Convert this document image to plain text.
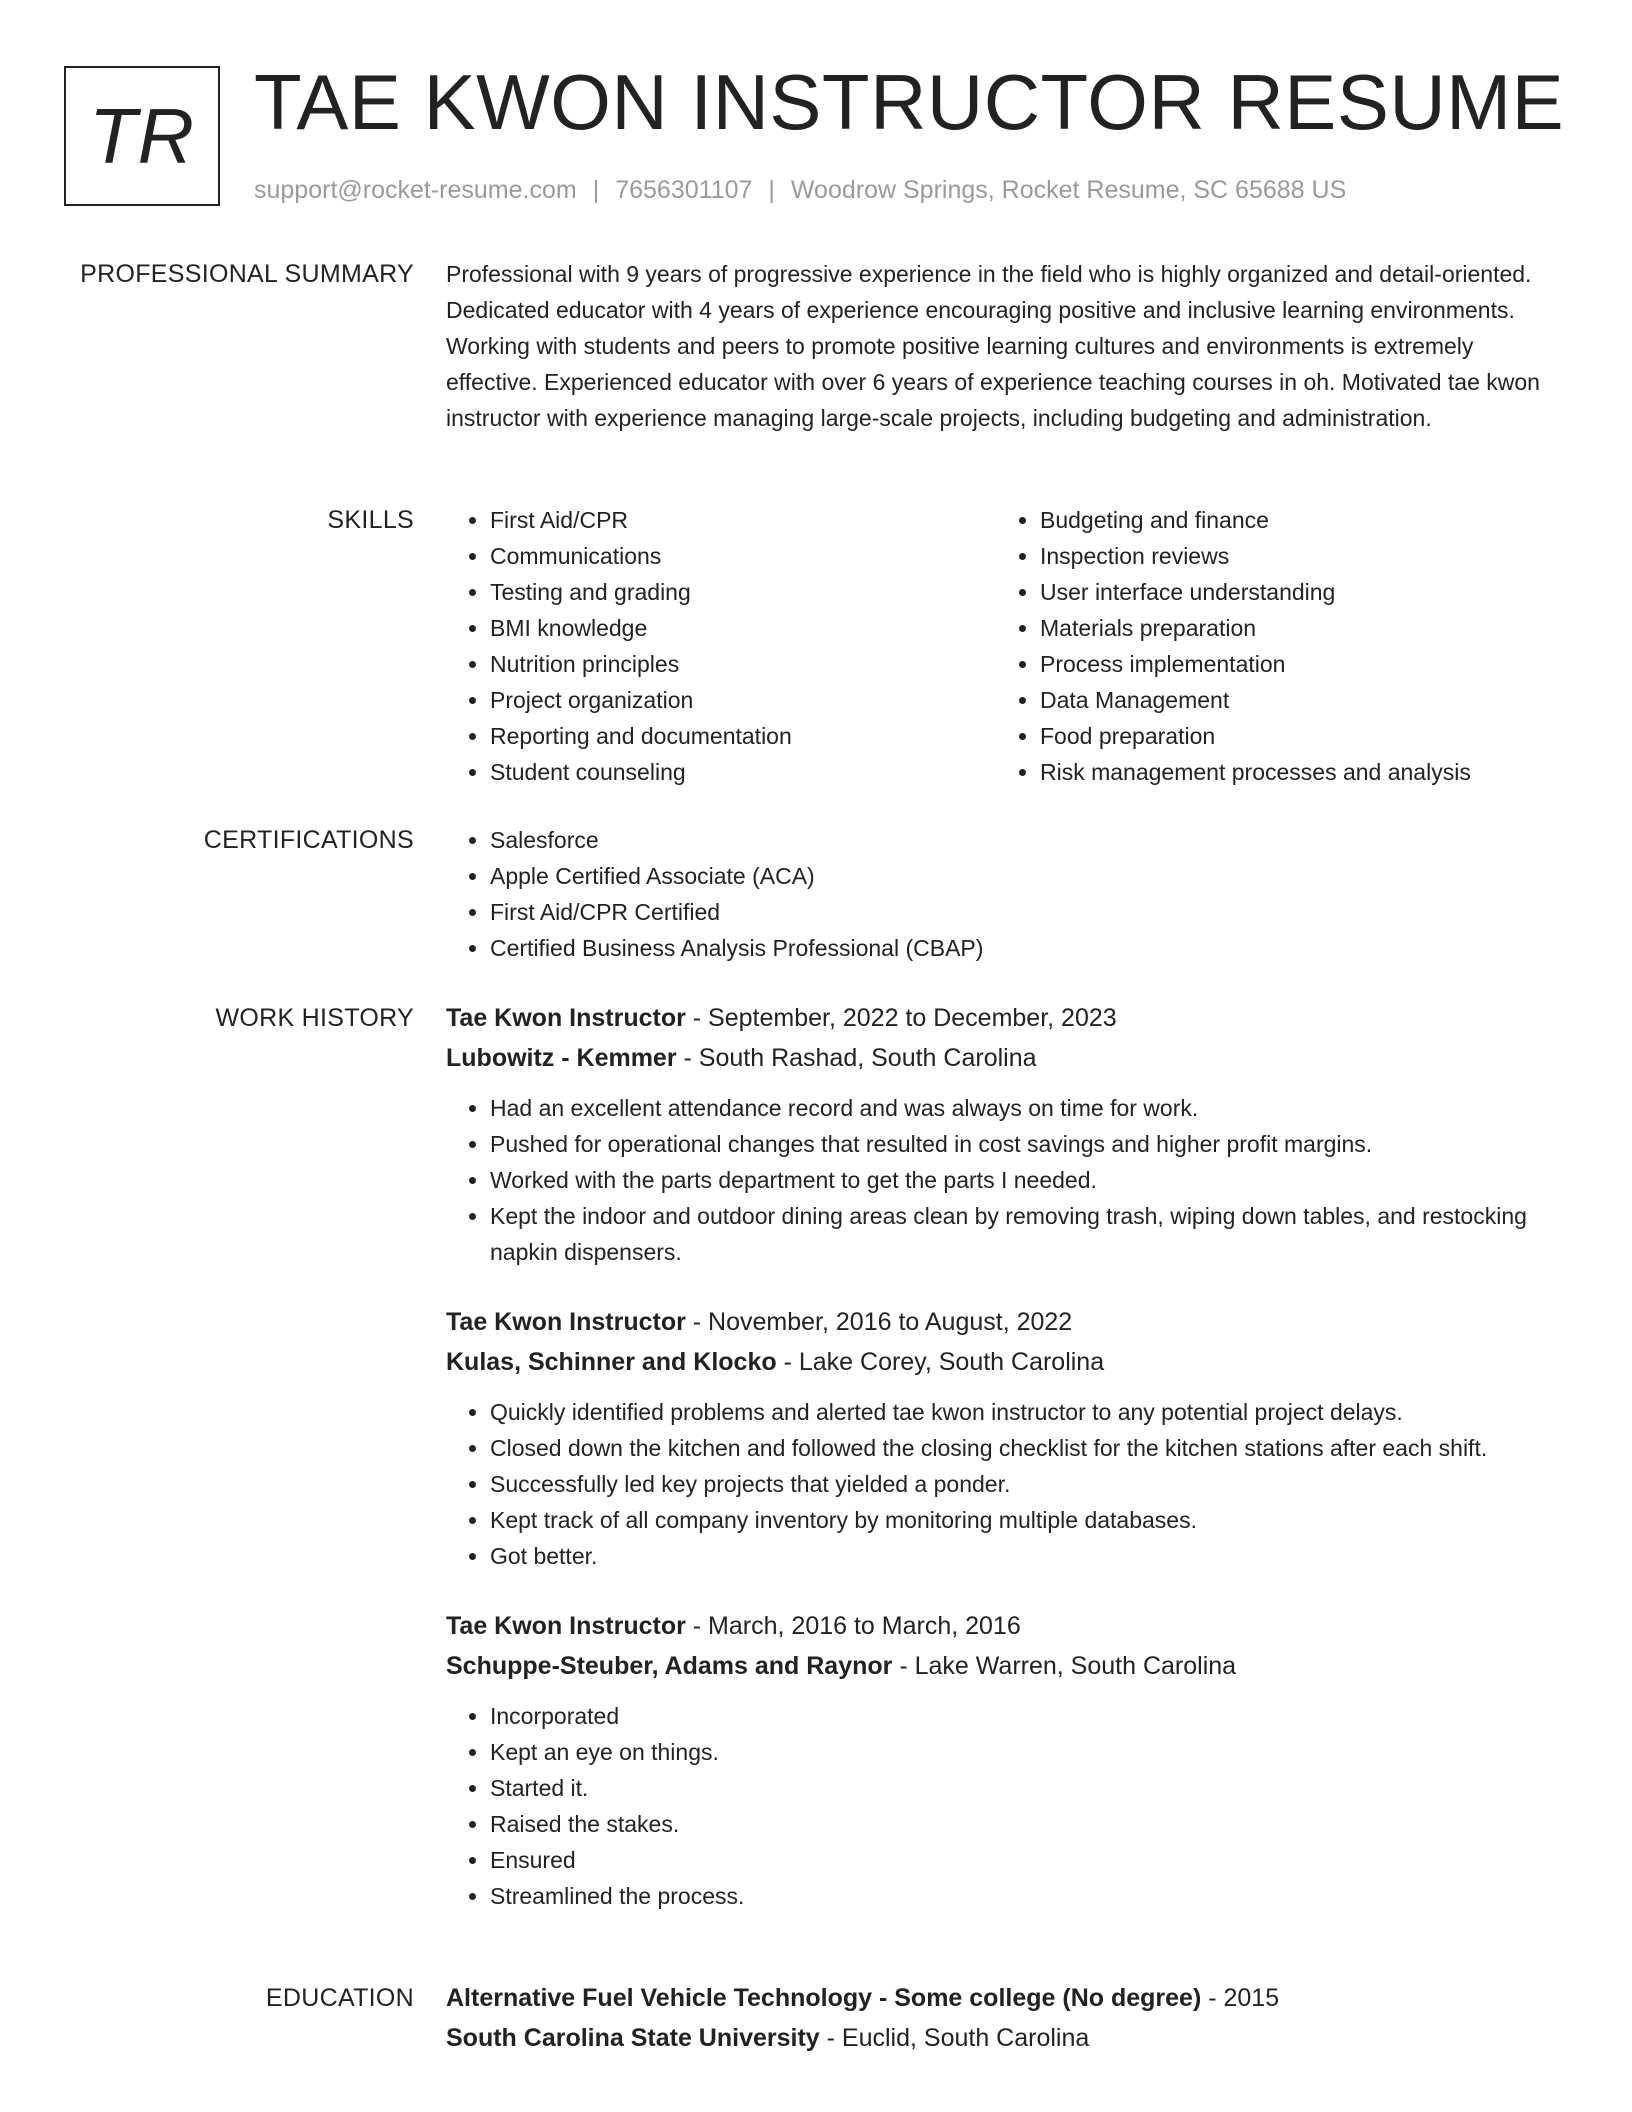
TR TAE KWON INSTRUCTOR RESUME
support@rocket-resume.com | 7656301107 | Woodrow Springs, Rocket Resume, SC 65688 US
PROFESSIONAL SUMMARY Professional with 9 years of progressive experience in the field who is highly organized and detail-oriented. Dedicated educator with 4 years of experience encouraging positive and inclusive learning environments. Working with students and peers to promote positive learning cultures and environments is extremely effective. Experienced educator with over 6 years of experience teaching courses in oh. Motivated tae kwon instructor with experience managing large-scale projects, including budgeting and administration.

SKILLS	• First Aid/CPR
• Communications
• Testing and grading
• BMI knowledge
• Nutrition principles
• Project organization
• Reporting and documentation
• Student counseling
• Budgeting and finance
• Inspection reviews
• User interface understanding
• Materials preparation
• Process implementation
• Data Management
• Food preparation
• Risk management processes and analysis
CERTIFICATIONS	• Salesforce
• Apple Certified Associate (ACA)
• First Aid/CPR Certified
• Certified Business Analysis Professional (CBAP)
WORK HISTORY Tae Kwon Instructor - September, 2022 to December, 2023
Lubowitz - Kemmer - South Rashad, South Carolina
• Had an excellent attendance record and was always on time for work.
• Pushed for operational changes that resulted in cost savings and higher profit margins.
• Worked with the parts department to get the parts I needed.
• Kept the indoor and outdoor dining areas clean by removing trash, wiping down tables, and restocking napkin dispensers.
Tae Kwon Instructor - November, 2016 to August, 2022
Kulas, Schinner and Klocko - Lake Corey, South Carolina
• Quickly identified problems and alerted tae kwon instructor to any potential project delays.
• Closed down the kitchen and followed the closing checklist for the kitchen stations after each shift.
• Successfully led key projects that yielded a ponder.
• Kept track of all company inventory by monitoring multiple databases.
• Got better.
Tae Kwon Instructor - March, 2016 to March, 2016
Schuppe-Steuber, Adams and Raynor - Lake Warren, South Carolina
• Incorporated
• Kept an eye on things.
• Started it.
• Raised the stakes.
• Ensured
• Streamlined the process.
EDUCATION Alternative Fuel Vehicle Technology - Some college (No degree) - 2015
South Carolina State University - Euclid, South Carolina
